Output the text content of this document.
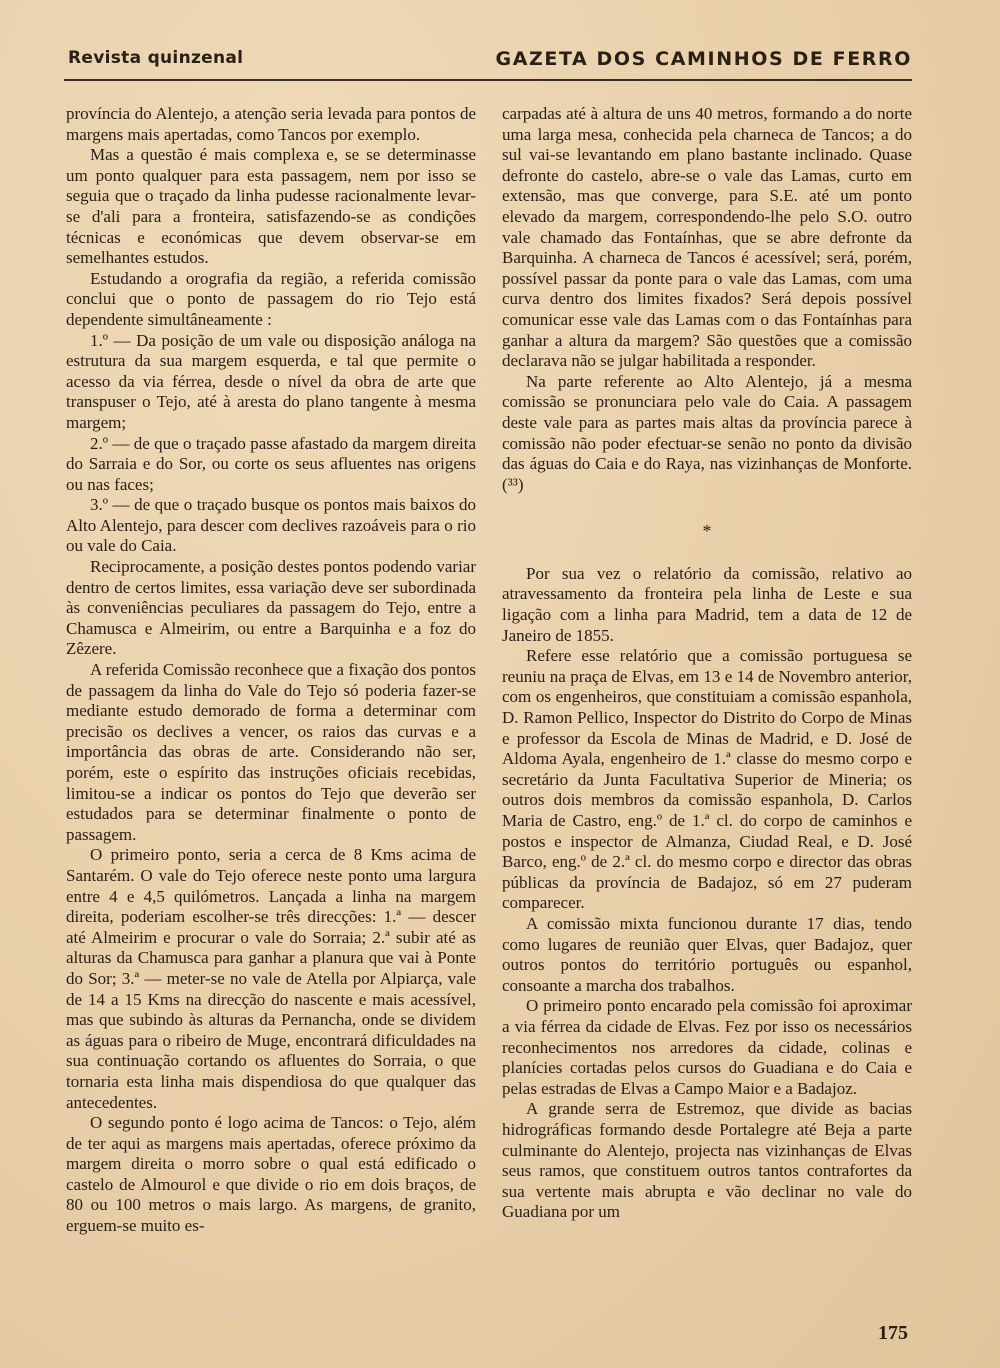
Revista quinzenal	GAZETA DOS CAMINHOS DE FERRO

província do Alentejo, a atenção seria levada para pontos de margens mais apertadas, como Tancos por exemplo.

Mas a questão é mais complexa e, se se determinasse um ponto qualquer para esta passagem, nem por isso se seguia que o traçado da linha pudesse racionalmente levar-se d'ali para a fronteira, satisfazendo-se as condições técnicas e económicas que devem observar-se em semelhantes estudos.

Estudando a orografia da região, a referida comissão conclui que o ponto de passagem do rio Tejo está dependente simultâneamente :

1.º — Da posição de um vale ou disposição análoga na estrutura da sua margem esquerda, e tal que permite o acesso da via férrea, desde o nível da obra de arte que transpuser o Tejo, até à aresta do plano tangente à mesma margem;

2.º — de que o traçado passe afastado da margem direita do Sarraia e do Sor, ou corte os seus afluentes nas origens ou nas faces;

3.º — de que o traçado busque os pontos mais baixos do Alto Alentejo, para descer com declives razoáveis para o rio ou vale do Caia.

Reciprocamente, a posição destes pontos podendo variar dentro de certos limites, essa variação deve ser subordinada às conveniências peculiares da passagem do Tejo, entre a Chamusca e Almeirim, ou entre a Barquinha e a foz do Zêzere.

A referida Comissão reconhece que a fixação dos pontos de passagem da linha do Vale do Tejo só poderia fazer-se mediante estudo demorado de forma a determinar com precisão os declives a vencer, os raios das curvas e a importância das obras de arte. Considerando não ser, porém, este o espírito das instruções oficiais recebidas, limitou-se a indicar os pontos do Tejo que deverão ser estudados para se determinar finalmente o ponto de passagem.

O primeiro ponto, seria a cerca de 8 Kms acima de Santarém. O vale do Tejo oferece neste ponto uma largura entre 4 e 4,5 quilómetros. Lançada a linha na margem direita, poderiam escolher-se três direcções: 1.ª — descer até Almeirim e procurar o vale do Sorraia; 2.ª subir até as alturas da Chamusca para ganhar a planura que vai à Ponte do Sor; 3.ª — meter-se no vale de Atella por Alpiarça, vale de 14 a 15 Kms na direcção do nascente e mais acessível, mas que subindo às alturas da Pernancha, onde se dividem as águas para o ribeiro de Muge, encontrará dificuldades na sua continuação cortando os afluentes do Sorraia, o que tornaria esta linha mais dispendiosa do que qualquer das antecedentes.

O segundo ponto é logo acima de Tancos: o Tejo, além de ter aqui as margens mais apertadas, oferece próximo da margem direita o morro sobre o qual está edificado o castelo de Almourol e que divide o rio em dois braços, de 80 ou 100 metros o mais largo. As margens, de granito, erguem-se muito es-

carpadas até à altura de uns 40 metros, formando a do norte uma larga mesa, conhecida pela charneca de Tancos; a do sul vai-se levantando em plano bastante inclinado. Quase defronte do castelo, abre-se o vale das Lamas, curto em extensão, mas que converge, para S.E. até um ponto elevado da margem, correspondendo-lhe pelo S.O. outro vale chamado das Fontaínhas, que se abre defronte da Barquinha. A charneca de Tancos é acessível; será, porém, possível passar da ponte para o vale das Lamas, com uma curva dentro dos limites fixados? Será depois possível comunicar esse vale das Lamas com o das Fontaínhas para ganhar a altura da margem? São questões que a comissão declarava não se julgar habilitada a responder.

Na parte referente ao Alto Alentejo, já a mesma comissão se pronunciara pelo vale do Caia. A passagem deste vale para as partes mais altas da província parece à comissão não poder efectuar-se senão no ponto da divisão das águas do Caia e do Raya, nas vizinhanças de Monforte. (³³)

*

Por sua vez o relatório da comissão, relativo ao atravessamento da fronteira pela linha de Leste e sua ligação com a linha para Madrid, tem a data de 12 de Janeiro de 1855.

Refere esse relatório que a comissão portuguesa se reuniu na praça de Elvas, em 13 e 14 de Novembro anterior, com os engenheiros, que constituiam a comissão espanhola, D. Ramon Pellico, Inspector do Distrito do Corpo de Minas e professor da Escola de Minas de Madrid, e D. José de Aldoma Ayala, engenheiro de 1.ª classe do mesmo corpo e secretário da Junta Facultativa Superior de Mineria; os outros dois membros da comissão espanhola, D. Carlos Maria de Castro, eng.º de 1.ª cl. do corpo de caminhos e postos e inspector de Almanza, Ciudad Real, e D. José Barco, eng.º de 2.ª cl. do mesmo corpo e director das obras públicas da província de Badajoz, só em 27 puderam comparecer.

A comissão mixta funcionou durante 17 dias, tendo como lugares de reunião quer Elvas, quer Badajoz, quer outros pontos do território português ou espanhol, consoante a marcha dos trabalhos.

O primeiro ponto encarado pela comissão foi aproximar a via férrea da cidade de Elvas. Fez por isso os necessários reconhecimentos nos arredores da cidade, colinas e planícies cortadas pelos cursos do Guadiana e do Caia e pelas estradas de Elvas a Campo Maior e a Badajoz.

A grande serra de Estremoz, que divide as bacias hidrográficas formando desde Portalegre até Beja a parte culminante do Alentejo, projecta nas vizinhanças de Elvas seus ramos, que constituem outros tantos contrafortes da sua vertente mais abrupta e vão declinar no vale do Guadiana por um

175
